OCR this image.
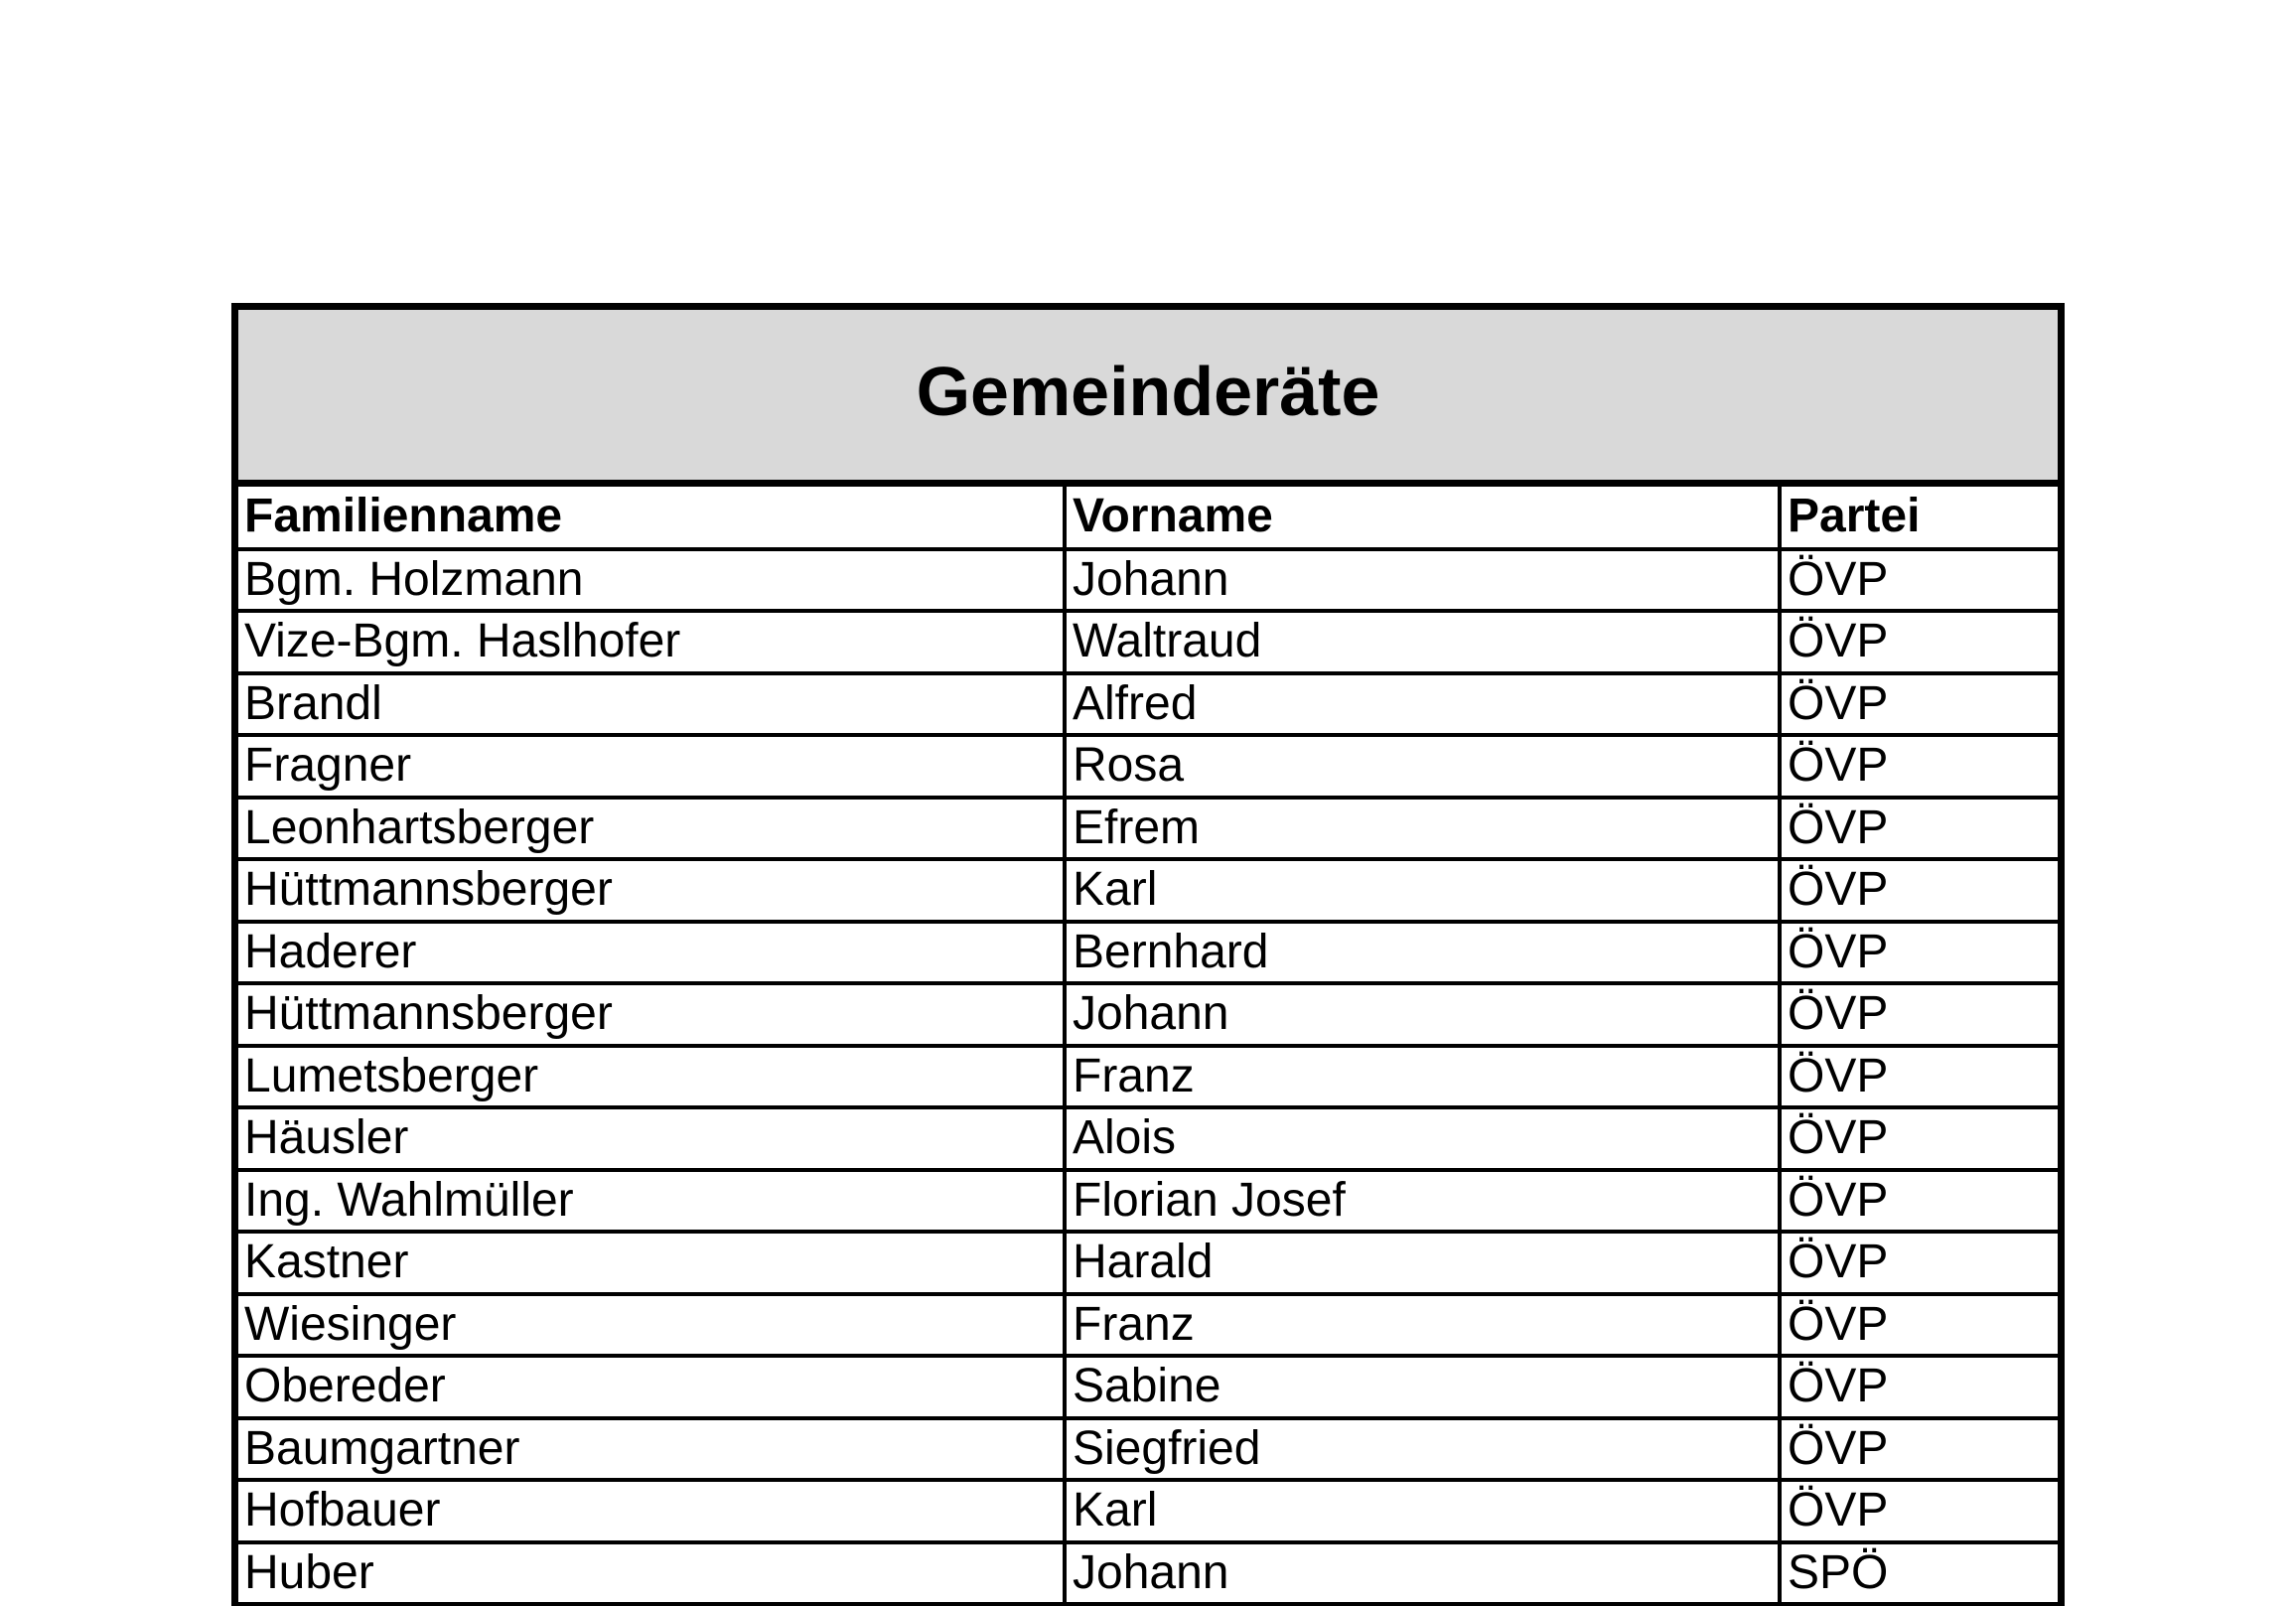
Gemeinderäte
Familienname	Vorname	Partei
Bgm. Holzmann	Johann	ÖVP
Vize-Bgm. Haslhofer	Waltraud	ÖVP
Brandl	Alfred	ÖVP
Fragner	Rosa	ÖVP
Leonhartsberger	Efrem	ÖVP
Hüttmannsberger	Karl	ÖVP
Haderer	Bernhard	ÖVP
Hüttmannsberger	Johann	ÖVP
Lumetsberger	Franz	ÖVP
Häusler	Alois	ÖVP
Ing. Wahlmüller	Florian Josef	ÖVP
Kastner	Harald	ÖVP
Wiesinger	Franz	ÖVP
Obereder	Sabine	ÖVP
Baumgartner	Siegfried	ÖVP
Hofbauer	Karl	ÖVP
Huber	Johann	SPÖ
